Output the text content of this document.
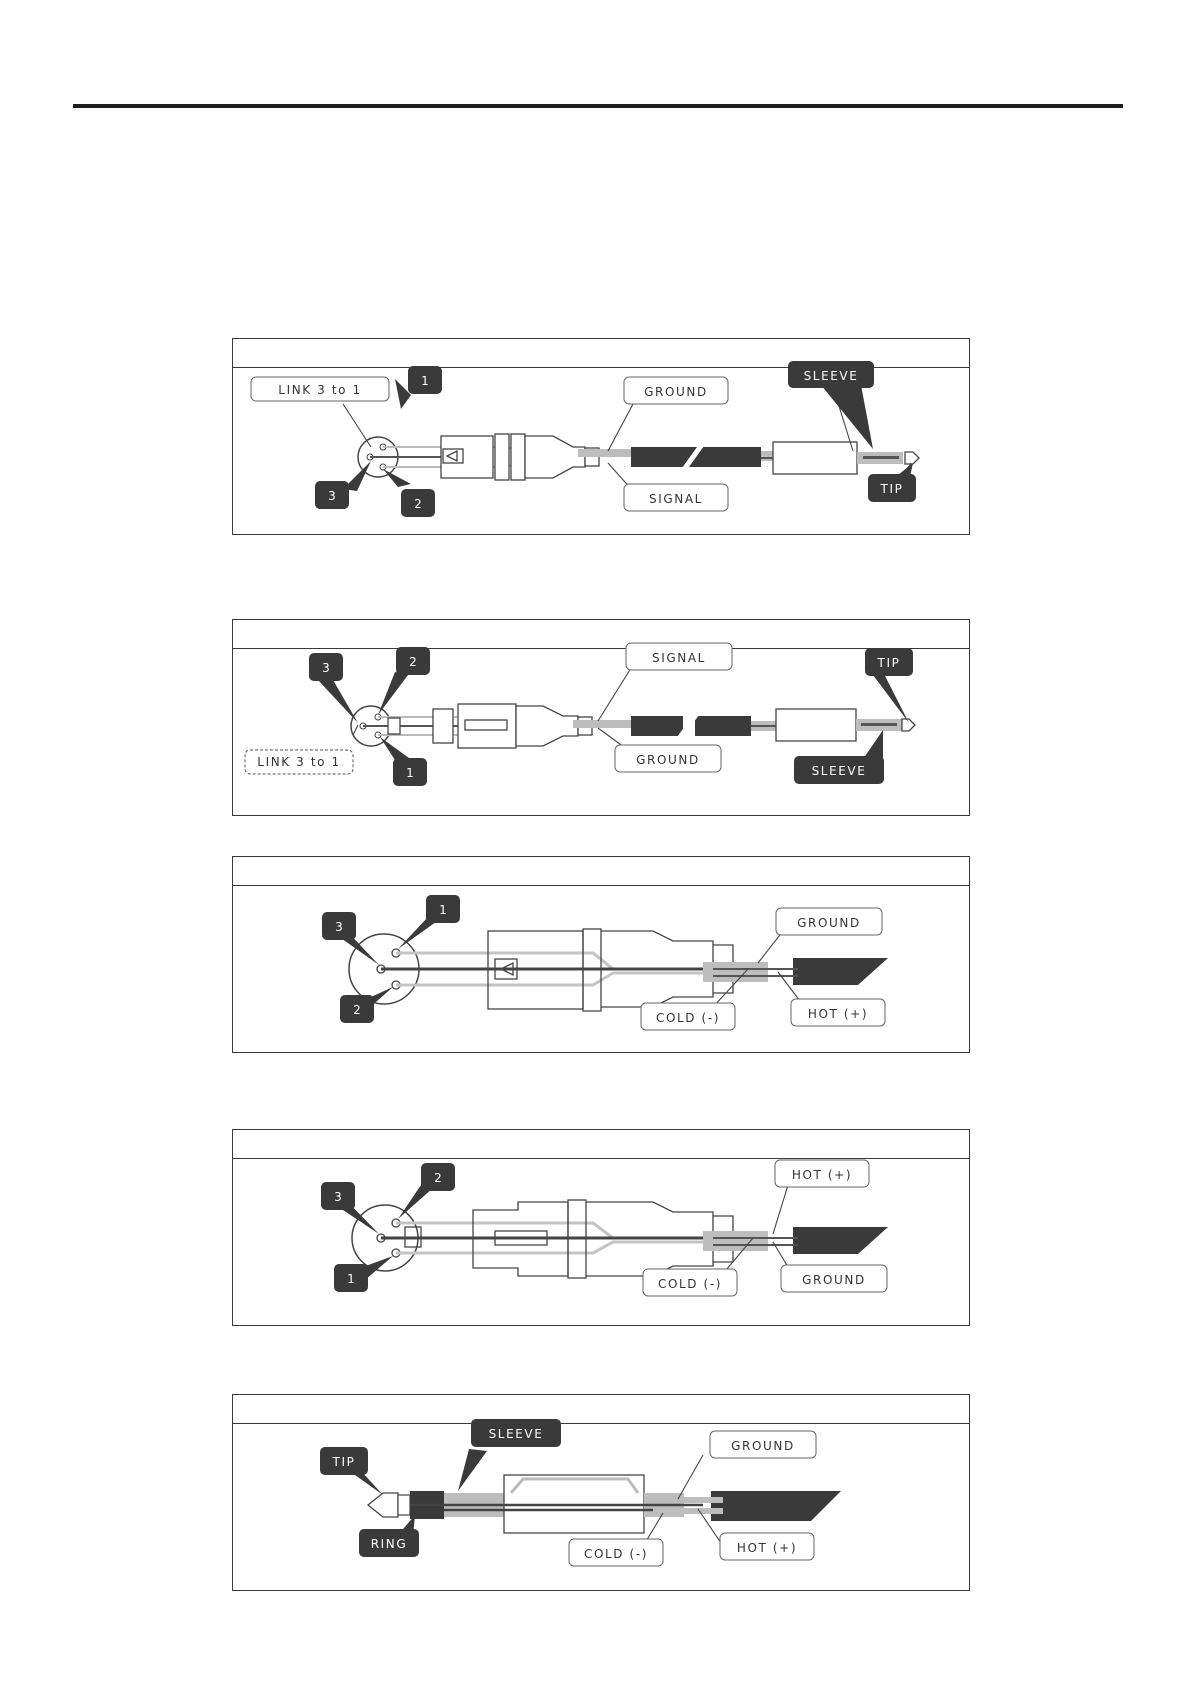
LINK 3 to 1
1
3
2
GROUND
SIGNAL
SLEEVE
TIP
3	2
1
LINK 3 to 1
SIGNAL
GROUND
TIP
SLEEVE
3
1
2
GROUND
COLD (-)	HOT (+)
3
2
1
HOT (+)
COLD (-)	GROUND
TIP
RING
SLEEVE
GROUND
COLD (-)	HOT (+)
